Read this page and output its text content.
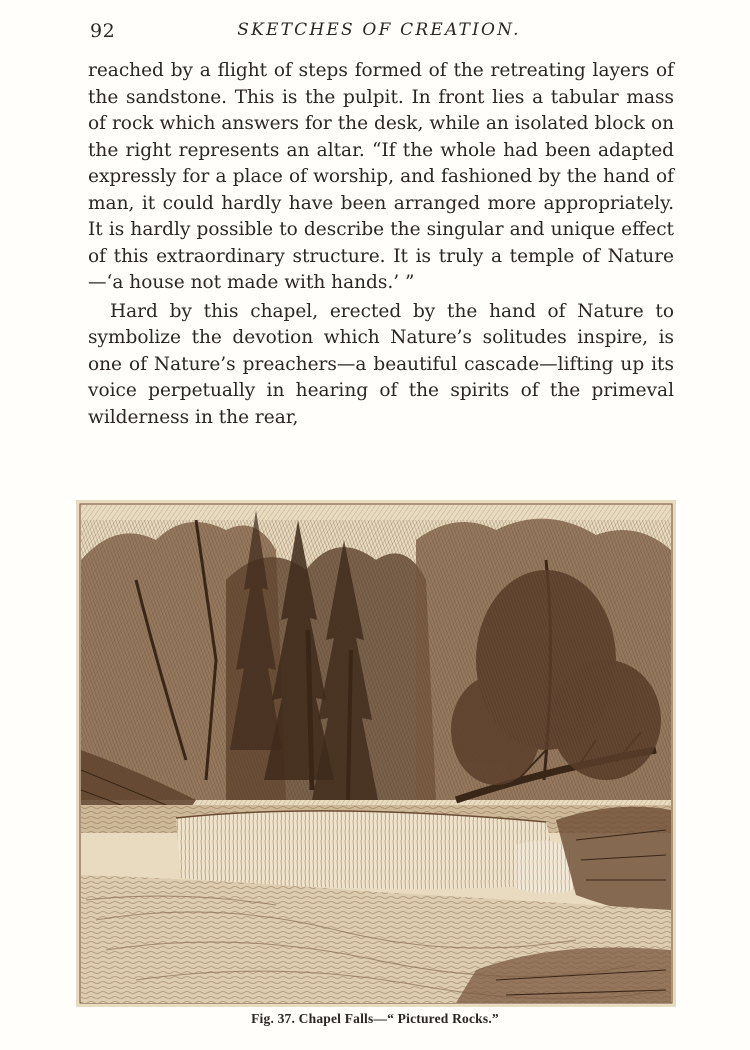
92	SKETCHES OF CREATION.

reached by a flight of steps formed of the retreating layers of the sandstone. This is the pulpit. In front lies a tabular mass of rock which answers for the desk, while an isolated block on the right represents an altar. “If the whole had been adapted expressly for a place of worship, and fashioned by the hand of man, it could hardly have been arranged more appropriately. It is hardly possible to describe the singular and unique effect of this extraordinary structure. It is truly a temple of Nature—‘a house not made with hands.’ ”

Hard by this chapel, erected by the hand of Nature to symbolize the devotion which Nature’s solitudes inspire, is one of Nature’s preachers—a beautiful cascade—lifting up its voice perpetually in hearing of the spirits of the primeval wilderness in the rear,

Fig. 37. Chapel Falls—“ Pictured Rocks.”
